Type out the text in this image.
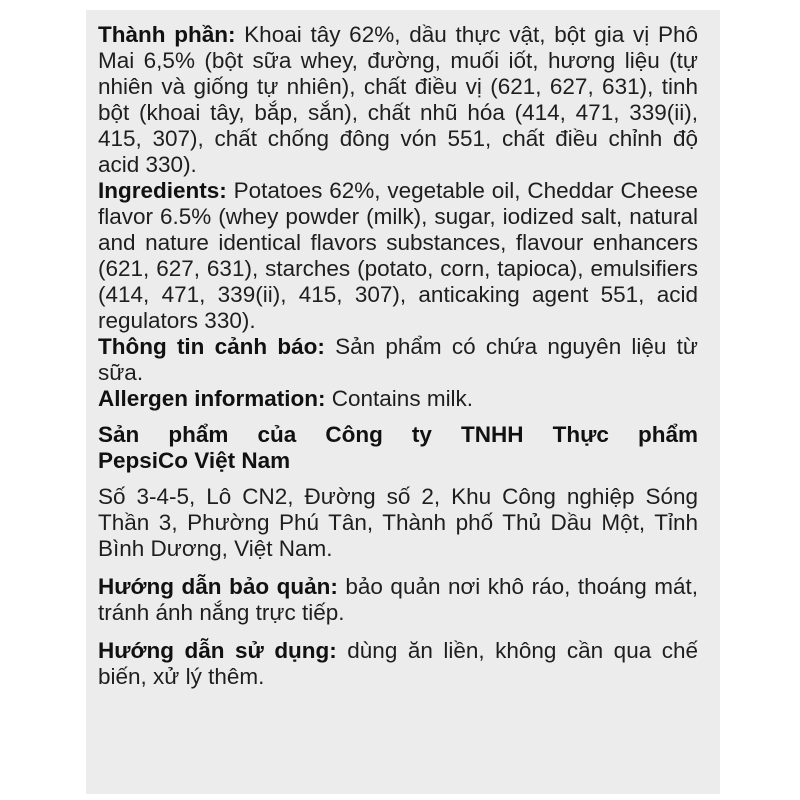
Thành phần: Khoai tây 62%, dầu thực vật, bột gia vị Phô Mai 6,5% (bột sữa whey, đường, muối iốt, hương liệu (tự nhiên và giống tự nhiên), chất điều vị (621, 627, 631), tinh bột (khoai tây, bắp, sắn), chất nhũ hóa (414, 471, 339(ii), 415, 307), chất chống đông vón 551, chất điều chỉnh độ acid 330).

Ingredients: Potatoes 62%, vegetable oil, Cheddar Cheese flavor 6.5% (whey powder (milk), sugar, iodized salt, natural and nature identical flavors substances, flavour enhancers (621, 627, 631), starches (potato, corn, tapioca), emulsifiers (414, 471, 339(ii), 415, 307), anticaking agent 551, acid regulators 330).

Thông tin cảnh báo: Sản phẩm có chứa nguyên liệu từ sữa.

Allergen information: Contains milk.

Sản phẩm của Công ty TNHH Thực phẩm
PepsiCo Việt Nam

Số 3-4-5, Lô CN2, Đường số 2, Khu Công nghiệp Sóng Thần 3, Phường Phú Tân, Thành phố Thủ Dầu Một, Tỉnh Bình Dương, Việt Nam.

Hướng dẫn bảo quản: bảo quản nơi khô ráo, thoáng mát, tránh ánh nắng trực tiếp.

Hướng dẫn sử dụng: dùng ăn liền, không cần qua chế biến, xử lý thêm.
